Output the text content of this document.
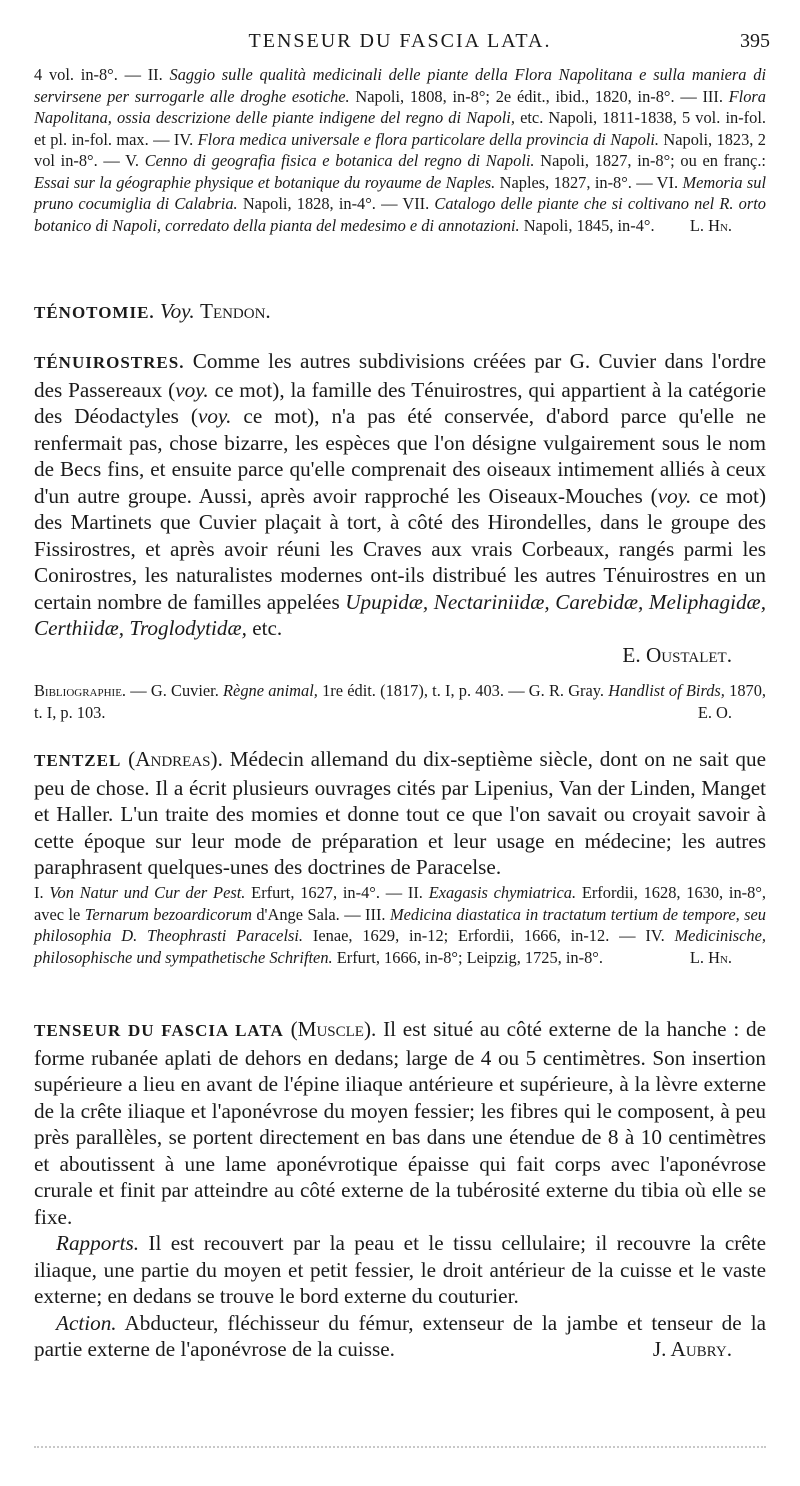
TENSEUR DU FASCIA LATA.	395
4 vol. in-8°. — II. Saggio sulle qualità medicinali delle piante della Flora Napolitana e sulla maniera di servirsene per surrogarle alle droghe esotiche. Napoli, 1808, in-8°; 2e édit., ibid., 1820, in-8°. — III. Flora Napolitana, ossia descrizione delle piante indigene del regno di Napoli, etc. Napoli, 1811-1838, 5 vol. in-fol. et pl. in-fol. max. — IV. Flora medica universale e flora particolare della provincia di Napoli. Napoli, 1823, 2 vol in-8°. — V. Cenno di geografia fisica e botanica del regno di Napoli. Napoli, 1827, in-8°; ou en franç.: Essai sur la géographie physique et botanique du royaume de Naples. Naples, 1827, in-8°. — VI. Memoria sul pruno cocumiglia di Calabria. Napoli, 1828, in-4°. — VII. Catalogo delle piante che si coltivano nel R. orto botanico di Napoli, corredato della pianta del medesimo e di annotazioni. Napoli, 1845, in-4°. L. Hn.
TÉNOTOMIE. Voy. Tendon.
TÉNUIROSTRES. Comme les autres subdivisions créées par G. Cuvier dans l'ordre des Passereaux (voy. ce mot), la famille des Ténuirostres, qui appartient à la catégorie des Déodactyles (voy. ce mot), n'a pas été conservée, d'abord parce qu'elle ne renfermait pas, chose bizarre, les espèces que l'on désigne vulgairement sous le nom de Becs fins, et ensuite parce qu'elle comprenait des oiseaux intimement alliés à ceux d'un autre groupe. Aussi, après avoir rapproché les Oiseaux-Mouches (voy. ce mot) des Martinets que Cuvier plaçait à tort, à côté des Hirondelles, dans le groupe des Fissirostres, et après avoir réuni les Craves aux vrais Corbeaux, rangés parmi les Conirostres, les naturalistes modernes ont-ils distribué les autres Ténuirostres en un certain nombre de familles appelées Upupidæ, Nectariniidæ, Carebidæ, Meliphagidæ, Certhiidæ, Troglodytidæ, etc.
E. Oustalet.
Bibliographie. — G. Cuvier. Règne animal, 1re édit. (1817), t. I, p. 403. — G. R. Gray. Handlist of Birds, 1870, t. I, p. 103.	E. O.
TENTZEL (Andreas). Médecin allemand du dix-septième siècle, dont on ne sait que peu de chose. Il a écrit plusieurs ouvrages cités par Lipenius, Van der Linden, Manget et Haller. L'un traite des momies et donne tout ce que l'on savait ou croyait savoir à cette époque sur leur mode de préparation et leur usage en médecine; les autres paraphrasent quelques-unes des doctrines de Paracelse.
I. Von Natur und Cur der Pest. Erfurt, 1627, in-4°. — II. Exagasis chymiatrica. Erfordii, 1628, 1630, in-8°, avec le Ternarum bezoardicorum d'Ange Sala. — III. Medicina diastatica in tractatum tertium de tempore, seu philosophia D. Theophrasti Paracelsi. Ienae, 1629, in-12; Erfordii, 1666, in-12. — IV. Medicinische, philosophische und sympathetische Schriften. Erfurt, 1666, in-8°; Leipzig, 1725, in-8°.	L. Hn.
TENSEUR DU FASCIA LATA (Muscle). Il est situé au côté externe de la hanche : de forme rubanée aplati de dehors en dedans; large de 4 ou 5 centimètres. Son insertion supérieure a lieu en avant de l'épine iliaque antérieure et supérieure, à la lèvre externe de la crête iliaque et l'aponévrose du moyen fessier; les fibres qui le composent, à peu près parallèles, se portent directement en bas dans une étendue de 8 à 10 centimètres et aboutissent à une lame aponévrotique épaisse qui fait corps avec l'aponévrose crurale et finit par atteindre au côté externe de la tubérosité externe du tibia où elle se fixe.
Rapports. Il est recouvert par la peau et le tissu cellulaire; il recouvre la crête iliaque, une partie du moyen et petit fessier, le droit antérieur de la cuisse et le vaste externe; en dedans se trouve le bord externe du couturier.
Action. Abducteur, fléchisseur du fémur, extenseur de la jambe et tenseur de la partie externe de l'aponévrose de la cuisse.	J. Aubry.
